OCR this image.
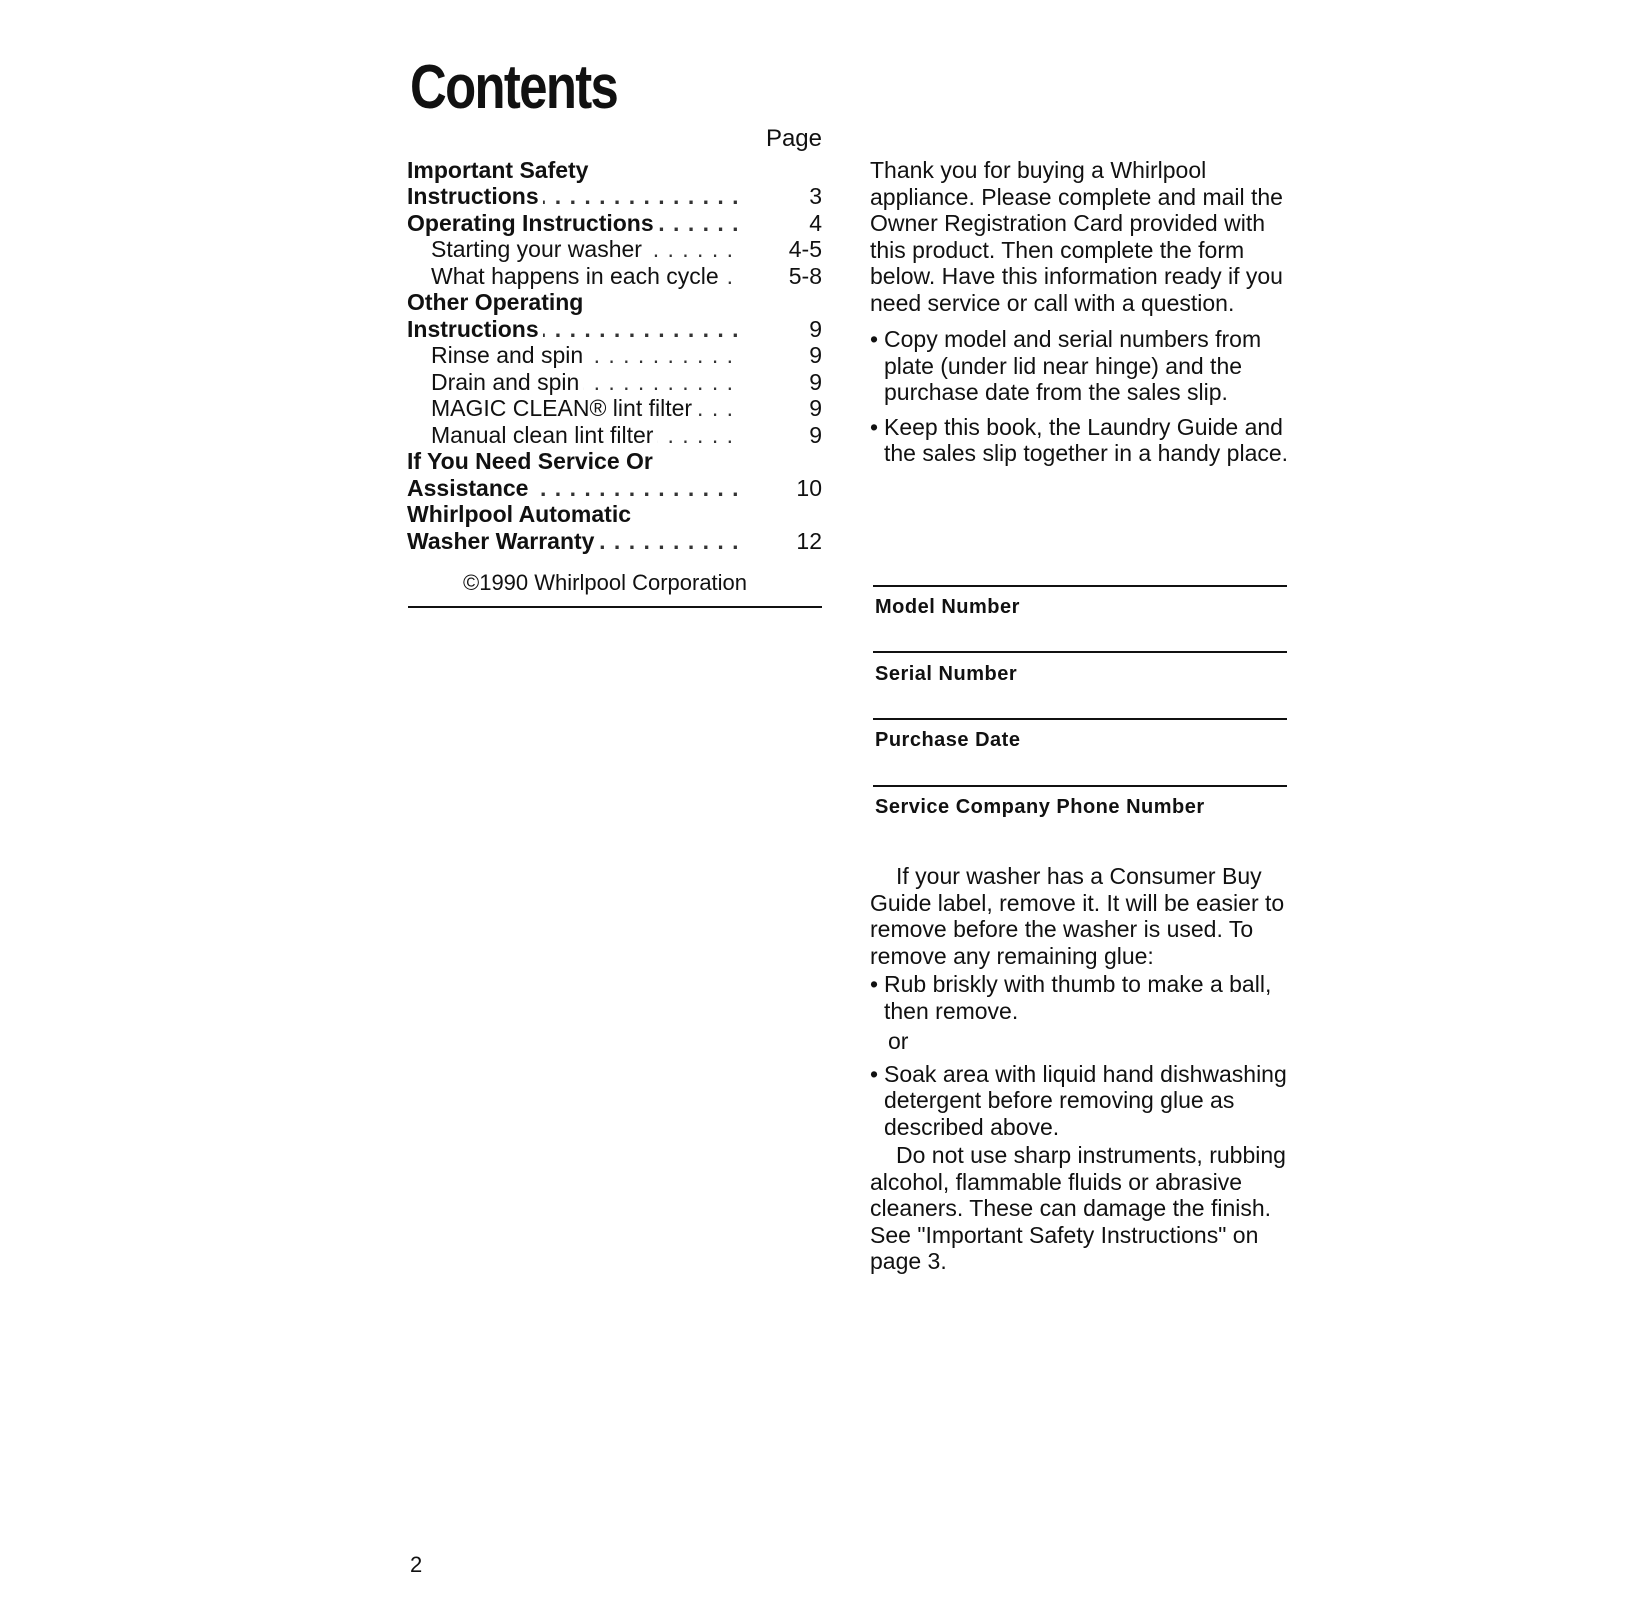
Contents
Page
Important Safety
Instructions . . .	3
Operating Instructions . . .	4
Starting your washer . . .	4-5
What happens in each cycle . . .	5-8
Other Operating
Instructions . . .	9
Rinse and spin . . .	9
Drain and spin . . .	9
MAGIC CLEAN® lint filter . . .	9
Manual clean lint filter . . .	9
If You Need Service Or
Assistance . . .	10
Whirlpool Automatic
Washer Warranty . . .	12
©1990 Whirlpool Corporation

Thank you for buying a Whirlpool appliance. Please complete and mail the Owner Registration Card provided with this product. Then complete the form below. Have this information ready if you need service or call with a question.

• Copy model and serial numbers from plate (under lid near hinge) and the purchase date from the sales slip.
• Keep this book, the Laundry Guide and the sales slip together in a handy place.
Model Number
Serial Number
Purchase Date
Service Company Phone Number

If your washer has a Consumer Buy Guide label, remove it. It will be easier to remove before the washer is used. To remove any remaining glue:

• Rub briskly with thumb to make a ball, then remove.

or

• Soak area with liquid hand dishwashing detergent before removing glue as described above.

Do not use sharp instruments, rubbing alcohol, flammable fluids or abrasive cleaners. These can damage the finish. See "Important Safety Instructions" on page 3.

2
